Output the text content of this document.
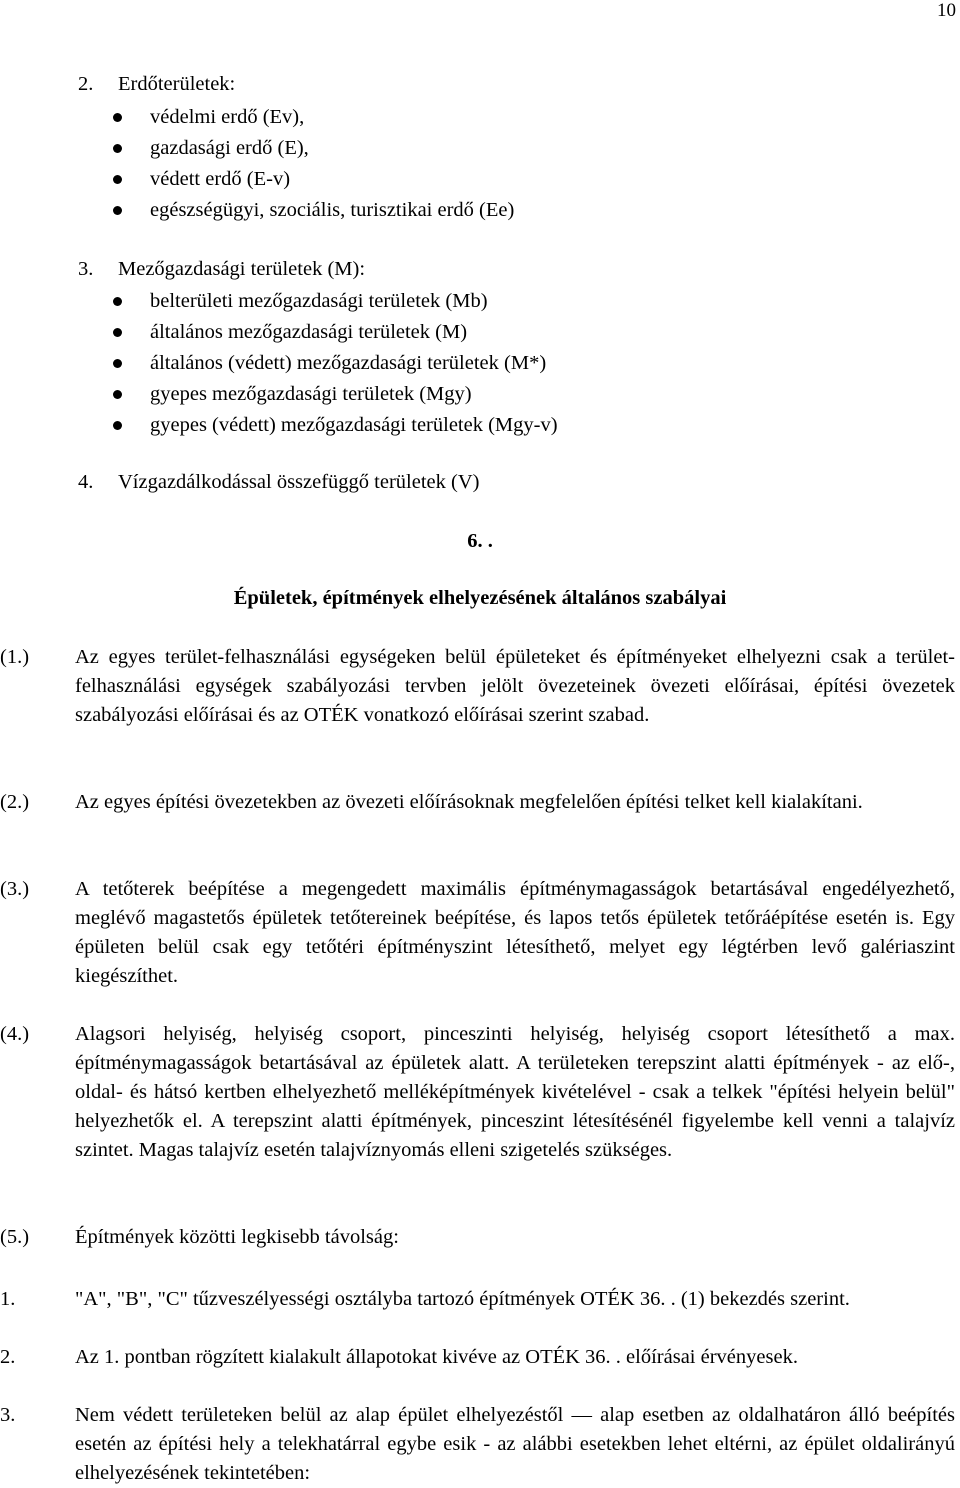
10
2. Erdőterületek:
védelmi erdő (Ev),
gazdasági erdő (E),
védett erdő (E-v)
egészségügyi, szociális, turisztikai erdő (Ee)
3. Mezőgazdasági területek (M):
belterületi mezőgazdasági területek (Mb)
általános mezőgazdasági területek (M)
általános (védett) mezőgazdasági területek (M*)
gyepes mezőgazdasági területek (Mgy)
gyepes (védett) mezőgazdasági területek (Mgy-v)
4. Vízgazdálkodással összefüggő területek (V)
6. .
Épületek, építmények elhelyezésének általános szabályai
(1.) Az egyes terület-felhasználási egységeken belül épületeket és építményeket elhelyezni csak a terület-felhasználási egységek szabályozási tervben jelölt övezeteinek övezeti előírásai, építési övezetek szabályozási előírásai és az OTÉK vonatkozó előírásai szerint szabad.
(2.) Az egyes építési övezetekben az övezeti előírásoknak megfelelően építési telket kell kialakítani.
(3.) A tetőterek beépítése a megengedett maximális építménymagasságok betartásával engedélyezhető, meglévő magastetős épületek tetőtereinek beépítése, és lapos tetős épületek tetőráépítése esetén is. Egy épületen belül csak egy tetőtéri építményszint létesíthető, melyet egy légtérben levő galériaszint kiegészíthet.
(4.) Alagsori helyiség, helyiség csoport, pinceszinti helyiség, helyiség csoport létesíthető a max. építménymagasságok betartásával az épületek alatt. A területeken terepszint alatti építmények - az elő-, oldal- és hátsó kertben elhelyezhető melléképítmények kivételével - csak a telkek "építési helyein belül" helyezhetők el. A terepszint alatti építmények, pinceszint létesítésénél figyelembe kell venni a talajvíz szintet. Magas talajvíz esetén talajvíznyomás elleni szigetelés szükséges.
(5.) Építmények közötti legkisebb távolság:
1.	"A", "B", "C" tűzveszélyességi osztályba tartozó építmények OTÉK 36. . (1) bekezdés szerint.
2.	Az 1. pontban rögzített kialakult állapotokat kivéve az OTÉK 36. . előírásai érvényesek.
3.	Nem védett területeken belül az alap épület elhelyezéstől — alap esetben az oldalhatáron álló beépítés esetén az építési hely a telekhatárral egybe esik - az alábbi esetekben lehet eltérni, az épület oldalirányú elhelyezésének tekintetében:
